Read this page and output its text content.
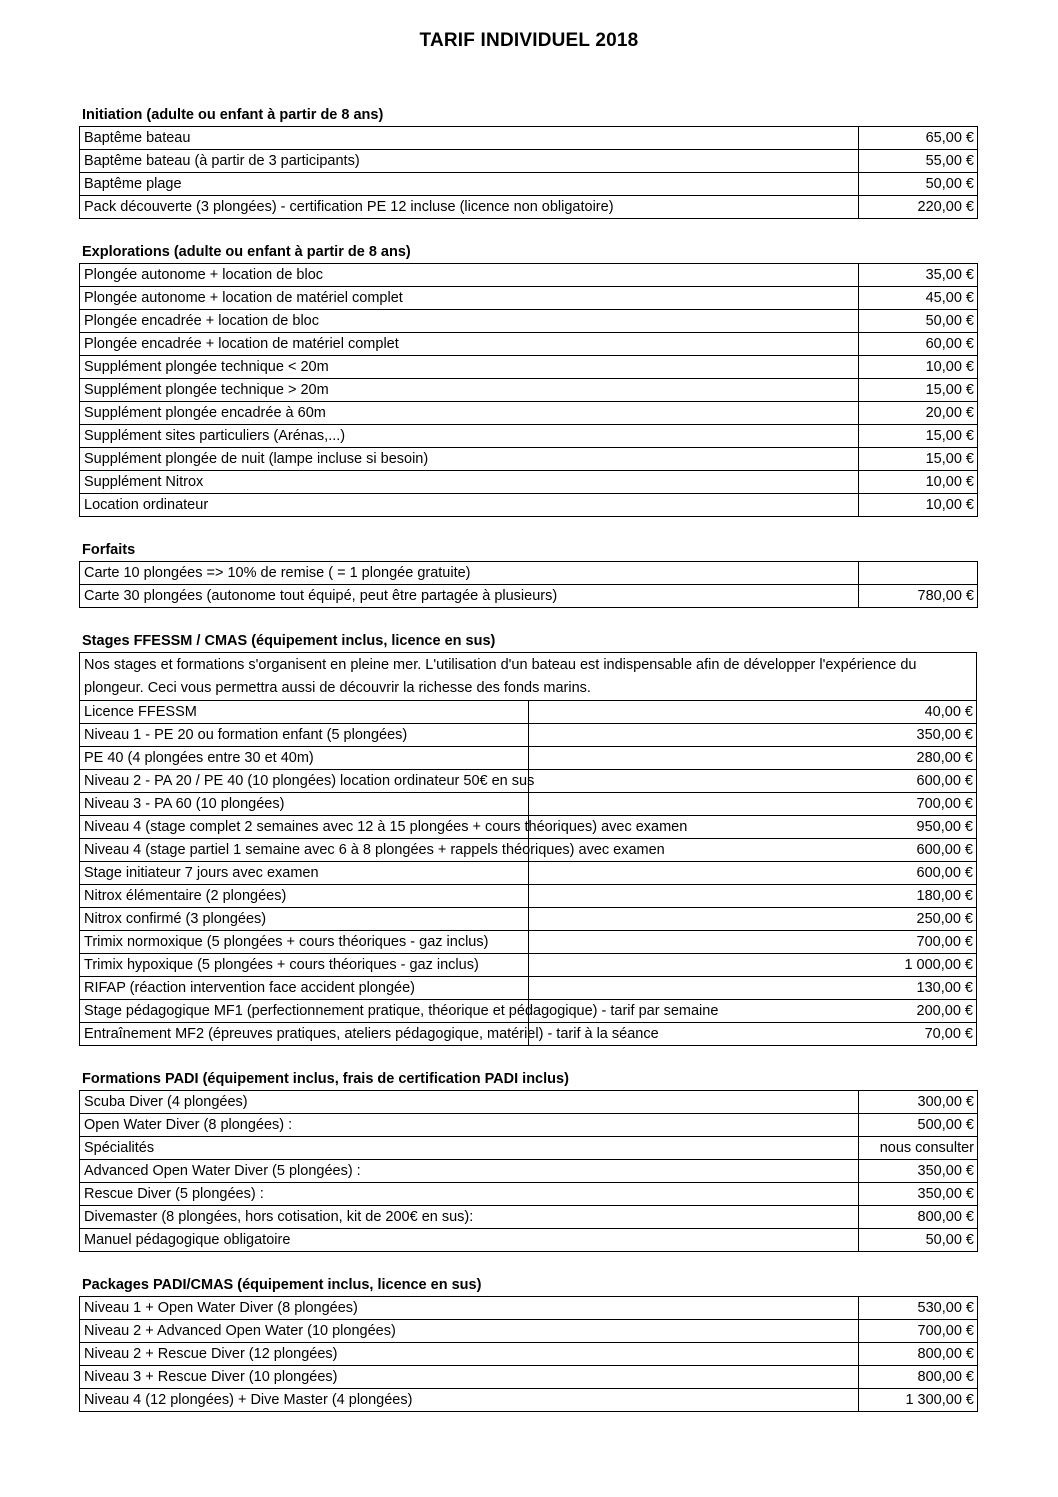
TARIF INDIVIDUEL 2018
Initiation (adulte ou enfant à partir de 8 ans)
Baptême bateau	65,00 €
Baptême bateau (à partir de 3 participants)	55,00 €
Baptême plage	50,00 €
Pack découverte (3 plongées) - certification PE 12 incluse (licence non obligatoire)	220,00 €
Explorations (adulte ou enfant à partir de 8 ans)
Plongée autonome + location de bloc	35,00 €
Plongée autonome + location de matériel complet	45,00 €
Plongée encadrée + location de bloc	50,00 €
Plongée encadrée + location de matériel complet	60,00 €
Supplément plongée technique < 20m	10,00 €
Supplément plongée technique > 20m	15,00 €
Supplément plongée encadrée à 60m	20,00 €
Supplément sites particuliers (Arénas,...)	15,00 €
Supplément plongée de nuit (lampe incluse si besoin)	15,00 €
Supplément Nitrox	10,00 €
Location ordinateur	10,00 €
Forfaits
Carte 10 plongées => 10% de remise ( = 1 plongée gratuite)	
Carte 30 plongées (autonome tout équipé, peut être partagée à plusieurs)	780,00 €
Stages FFESSM / CMAS (équipement inclus, licence en sus)
Nos stages et formations s'organisent en pleine mer. L'utilisation d'un bateau est indispensable afin de développer l'expérience du plongeur. Ceci vous permettra aussi de découvrir la richesse des fonds marins.	
Licence FFESSM	40,00 €
Niveau 1 - PE 20 ou formation enfant (5 plongées)	350,00 €
PE 40 (4 plongées entre 30 et 40m)	280,00 €
Niveau 2 - PA 20 / PE 40 (10 plongées) location ordinateur 50€ en sus	600,00 €
Niveau 3 - PA 60 (10 plongées)	700,00 €
Niveau 4 (stage complet 2 semaines avec 12 à 15 plongées + cours théoriques) avec examen	950,00 €
Niveau 4 (stage partiel 1 semaine avec 6 à 8 plongées + rappels théoriques) avec examen	600,00 €
Stage initiateur 7 jours avec examen	600,00 €
Nitrox élémentaire (2 plongées)	180,00 €
Nitrox confirmé (3 plongées)	250,00 €
Trimix normoxique (5 plongées + cours théoriques - gaz inclus)	700,00 €
Trimix hypoxique (5 plongées + cours théoriques - gaz inclus)	1 000,00 €
RIFAP (réaction intervention face accident plongée)	130,00 €
Stage pédagogique MF1 (perfectionnement pratique, théorique et pédagogique) - tarif par semaine	200,00 €
Entraînement MF2 (épreuves pratiques, ateliers pédagogique, matériel) - tarif à la séance	70,00 €
Formations PADI (équipement inclus, frais de certification PADI inclus)
Scuba Diver (4 plongées)	300,00 €
Open Water Diver (8 plongées) :	500,00 €
Spécialités	nous consulter
Advanced Open Water Diver (5 plongées) :	350,00 €
Rescue Diver (5 plongées) :	350,00 €
Divemaster (8 plongées, hors cotisation, kit de 200€ en sus):	800,00 €
Manuel pédagogique obligatoire	50,00 €
Packages PADI/CMAS (équipement inclus, licence en sus)
Niveau 1 + Open Water Diver (8 plongées)	530,00 €
Niveau 2 + Advanced Open Water (10 plongées)	700,00 €
Niveau 2 + Rescue Diver (12 plongées)	800,00 €
Niveau 3 + Rescue Diver (10 plongées)	800,00 €
Niveau 4 (12 plongées) + Dive Master (4 plongées)	1 300,00 €
